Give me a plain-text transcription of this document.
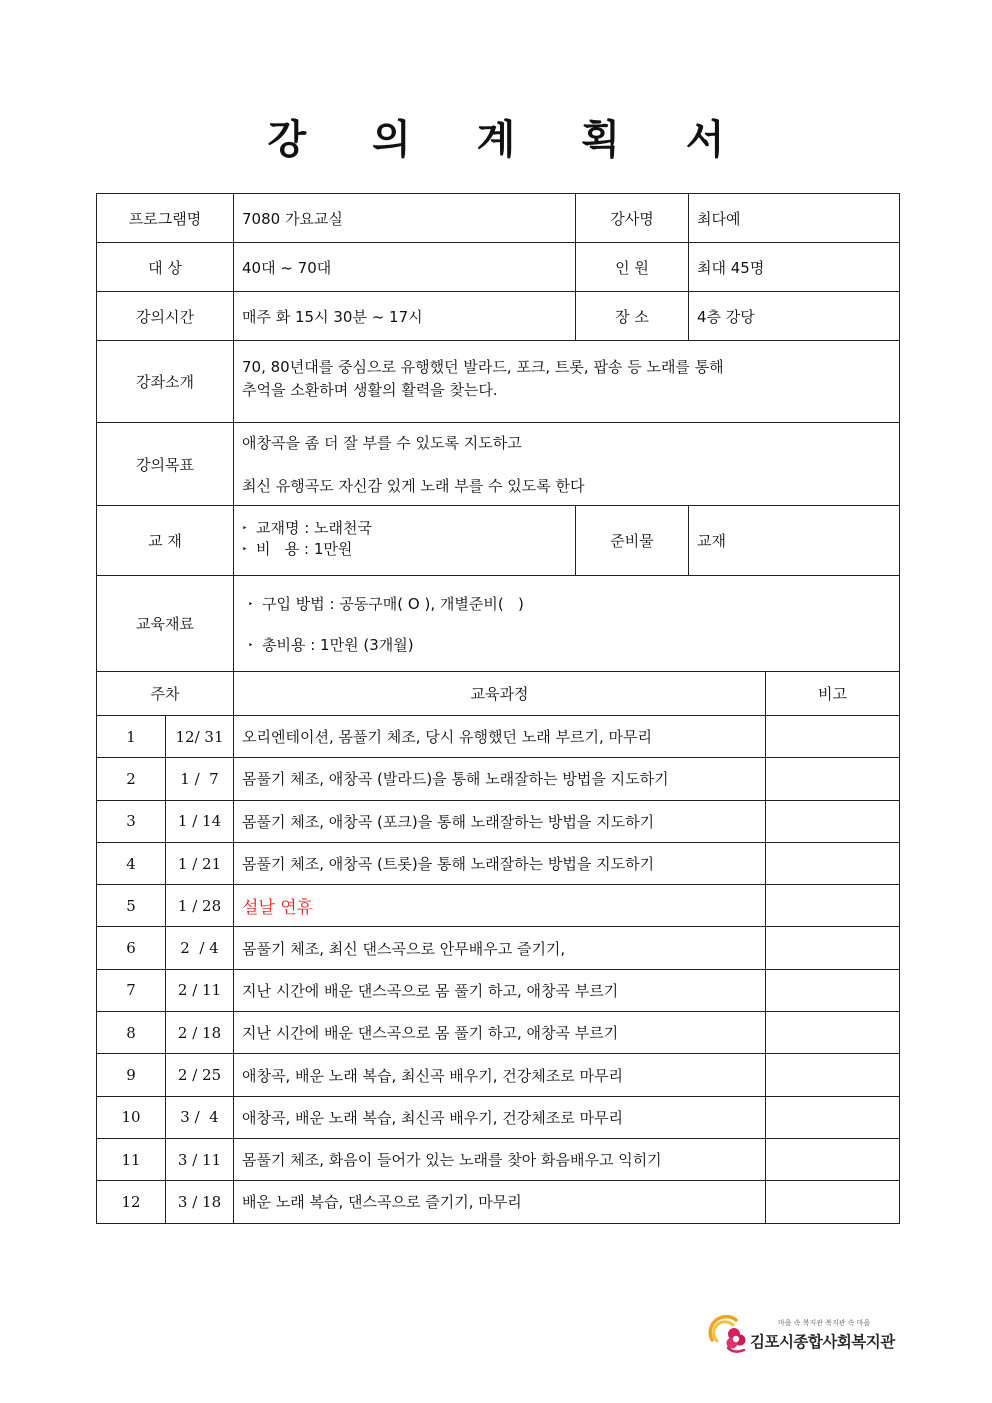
강 의 계 획 서
프로그램명	7080 가요교실	강사명	최다예
대 상	40대 ~ 70대	인 원	최대 45명
강의시간	매주 화 15시 30분 ~ 17시	장 소	4층 강당
강좌소개	70, 80년대를 중심으로 유행했던 발라드, 포크, 트롯, 팝송 등 노래를 통해
추억을 소환하며 생활의 활력을 찾는다.		

강의목표	애창곡을 좀 더 잘 부를 수 있도록 지도하고
최신 유행곡도 자신감 있게 노래 부를 수 있도록 한다		

교 재	‣ 교재명 : 노래천국
‣ 비   용 : 1만원	준비물	교재
교육재료	‣ 구입 방법 : 공동구매( O ), 개별준비(   )
‣ 총비용 : 1만원 (3개월)		
주차		교육과정	비고
1	12/ 31	오리엔테이션, 몸풀기 체조, 당시 유행했던 노래 부르기, 마무리	
2	1 /  7	몸풀기 체조, 애창곡 (발라드)을 통해 노래잘하는 방법을 지도하기	
3	1 / 14	몸풀기 체조, 애창곡 (포크)을 통해 노래잘하는 방법을 지도하기	
4	1 / 21	몸풀기 체조, 애창곡 (트롯)을 통해 노래잘하는 방법을 지도하기	
5	1 / 28	설날 연휴	
6	2  / 4	몸풀기 체조, 최신 댄스곡으로 안무배우고 즐기기,	
7	2 / 11	지난 시간에 배운 댄스곡으로 몸 풀기 하고, 애창곡 부르기	
8	2 / 18	지난 시간에 배운 댄스곡으로 몸 풀기 하고, 애창곡 부르기	
9	2 / 25	애창곡, 배운 노래 복습, 최신곡 배우기, 건강체조로 마무리	
10	3 /  4	애창곡, 배운 노래 복습, 최신곡 배우기, 건강체조로 마무리	
11	3 / 11	몸풀기 체조, 화음이 들어가 있는 노래를 찾아 화음배우고 익히기	
12	3 / 18	배운 노래 복습, 댄스곡으로 즐기기, 마무리	
마을 속 복지관 복지관 속 마을
김포시종합사회복지관
